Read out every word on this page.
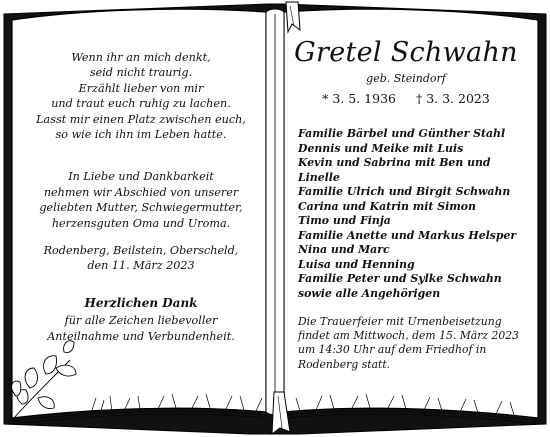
Wenn ihr an mich denkt,
seid nicht traurig.
Erzählt lieber von mir
und traut euch ruhig zu lachen.
Lasst mir einen Platz zwischen euch,
so wie ich ihn im Leben hatte.
In Liebe und Dankbarkeit
nehmen wir Abschied von unserer
geliebten Mutter, Schwiegermutter,
herzensguten Oma und Uroma.
Rodenberg, Beilstein, Oberscheld,
den 11. März 2023
Herzlichen Dank
für alle Zeichen liebevoller
Anteilnahme und Verbundenheit.
Gretel Schwahn
geb. Steindorf
* 3. 5. 1936 † 3. 3. 2023
Familie Bärbel und Günther Stahl
Dennis und Meike mit Luis
Kevin und Sabrina mit Ben und Linelle
Familie Ulrich und Birgit Schwahn
Carina und Katrin mit Simon
Timo und Finja
Familie Anette und Markus Helsper
Nina und Marc
Luisa und Henning
Familie Peter und Sylke Schwahn
sowie alle Angehörigen
Die Trauerfeier mit Urnenbeisetzung
findet am Mittwoch, dem 15. März 2023
um 14:30 Uhr auf dem Friedhof in
Rodenberg statt.
